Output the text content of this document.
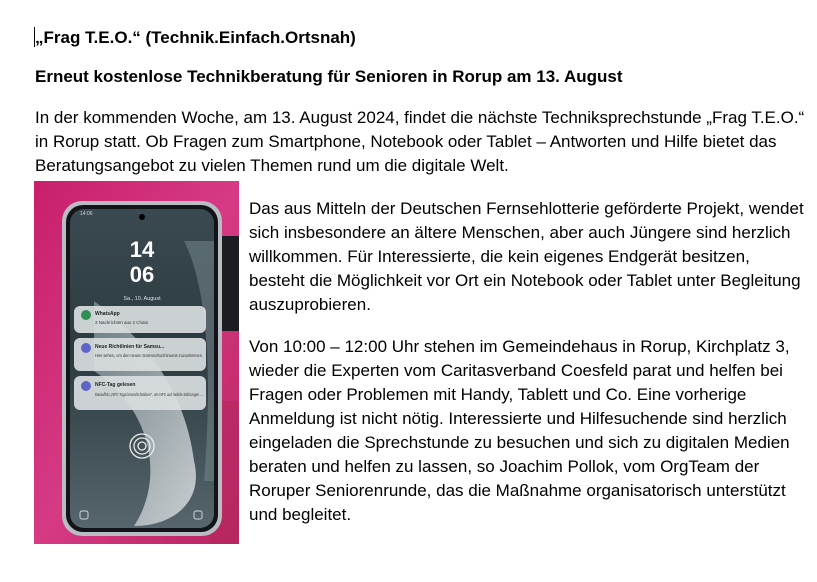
„Frag T.E.O.“ (Technik.Einfach.Ortsnah)
Erneut kostenlose Technikberatung für Senioren in Rorup am 13. August

In der kommenden Woche, am 13. August 2024, findet die nächste Techniksprechstunde „Frag T.E.O.“ in Rorup statt. Ob Fragen zum Smartphone, Notebook oder Tablet – Antworten und Hilfe bietet das Beratungsangebot zu vielen Themen rund um die digitale Welt.

14:06
14
06
Sa., 10. August
WhatsApp
2 Nachrichten aus 2 Chats
Neue Richtlinien für Samsu...
Hier sehen, um den neuen Datenschutzhinweis zuzustimmen.
NFC-Tag gelesen
Daraufhin „NFC-Tags lesen/schreiben“, um NFC auf mobile Zahlungen ...

Das aus Mitteln der Deutschen Fernsehlotterie geförderte Projekt, wendet sich insbesondere an ältere Menschen, aber auch Jüngere sind herzlich willkommen. Für Interessierte, die kein eigenes Endgerät besitzen, besteht die Möglichkeit vor Ort ein Notebook oder Tablet unter Begleitung auszuprobieren.

Von 10:00 – 12:00 Uhr stehen im Gemeindehaus in Rorup, Kirchplatz 3, wieder die Experten vom Caritasverband Coesfeld parat und helfen bei Fragen oder Problemen mit Handy, Tablett und Co. Eine vorherige Anmeldung ist nicht nötig. Interessierte und Hilfesuchende sind herzlich eingeladen die Sprechstunde zu besuchen und sich zu digitalen Medien beraten und helfen zu lassen, so Joachim Pollok, vom OrgTeam der Roruper Seniorenrunde, das die Maßnahme organisatorisch unterstützt und begleitet.
